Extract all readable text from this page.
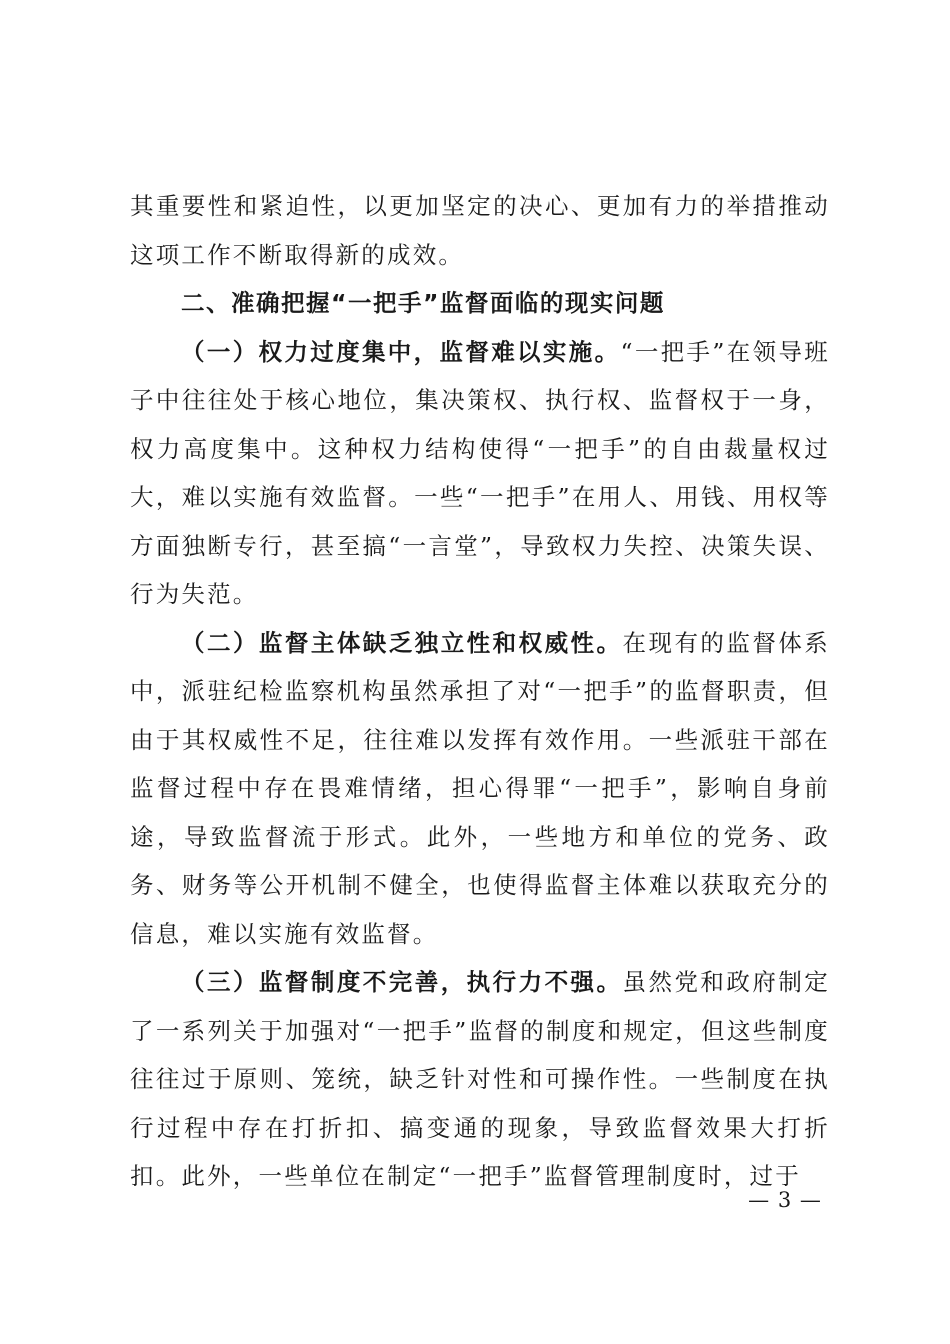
其重要性和紧迫性，以更加坚定的决心、更加有力的举措推动这项工作不断取得新的成效。

二、准确把握“一把手”监督面临的现实问题

（一）权力过度集中，监督难以实施。“一把手”在领导班子中往往处于核心地位，集决策权、执行权、监督权于一身，权力高度集中。这种权力结构使得“一把手”的自由裁量权过大，难以实施有效监督。一些“一把手”在用人、用钱、用权等方面独断专行，甚至搞“一言堂”，导致权力失控、决策失误、行为失范。

（二）监督主体缺乏独立性和权威性。在现有的监督体系中，派驻纪检监察机构虽然承担了对“一把手”的监督职责，但由于其权威性不足，往往难以发挥有效作用。一些派驻干部在监督过程中存在畏难情绪，担心得罪“一把手”，影响自身前途，导致监督流于形式。此外，一些地方和单位的党务、政务、财务等公开机制不健全，也使得监督主体难以获取充分的信息，难以实施有效监督。

（三）监督制度不完善，执行力不强。虽然党和政府制定了一系列关于加强对“一把手”监督的制度和规定，但这些制度往往过于原则、笼统，缺乏针对性和可操作性。一些制度在执行过程中存在打折扣、搞变通的现象，导致监督效果大打折扣。此外，一些单位在制定“一把手”监督管理制度时，过于

— 3 —
